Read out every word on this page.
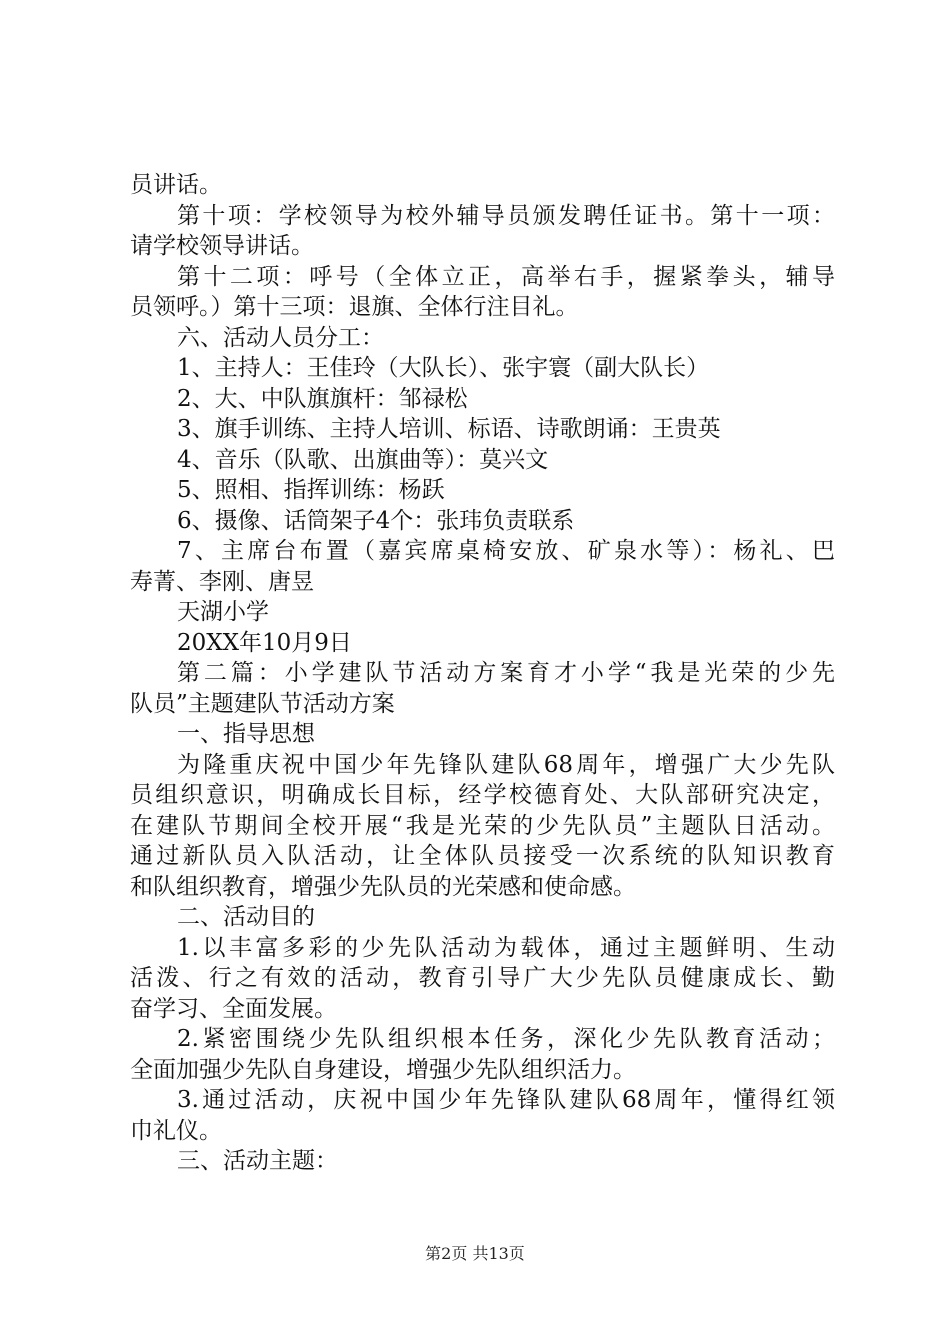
员讲话。
第十项：学校领导为校外辅导员颁发聘任证书。第十一项：
请学校领导讲话。
第十二项：呼号（全体立正，高举右手，握紧拳头，辅导
员领呼。）第十三项：退旗、全体行注目礼。
六、活动人员分工：
1、主持人：王佳玲（大队长）、张宇寰（副大队长）
2、大、中队旗旗杆：邹禄松
3、旗手训练、主持人培训、标语、诗歌朗诵：王贵英
4、音乐（队歌、出旗曲等）：莫兴文
5、照相、指挥训练：杨跃
6、摄像、话筒架子4个：张玮负责联系
7、主席台布置（嘉宾席桌椅安放、矿泉水等）：杨礼、巴
寿菁、李刚、唐昱
天湖小学
20XX年10月9日
第二篇：小学建队节活动方案育才小学“我是光荣的少先
队员”主题建队节活动方案
一、指导思想
为隆重庆祝中国少年先锋队建队68周年，增强广大少先队
员组织意识，明确成长目标，经学校德育处、大队部研究决定，
在建队节期间全校开展“我是光荣的少先队员”主题队日活动。
通过新队员入队活动，让全体队员接受一次系统的队知识教育
和队组织教育，增强少先队员的光荣感和使命感。
二、活动目的
1.以丰富多彩的少先队活动为载体，通过主题鲜明、生动
活泼、行之有效的活动，教育引导广大少先队员健康成长、勤
奋学习、全面发展。
2.紧密围绕少先队组织根本任务，深化少先队教育活动；
全面加强少先队自身建设，增强少先队组织活力。
3.通过活动，庆祝中国少年先锋队建队68周年，懂得红领
巾礼仪。
三、活动主题：
第2页 共13页
